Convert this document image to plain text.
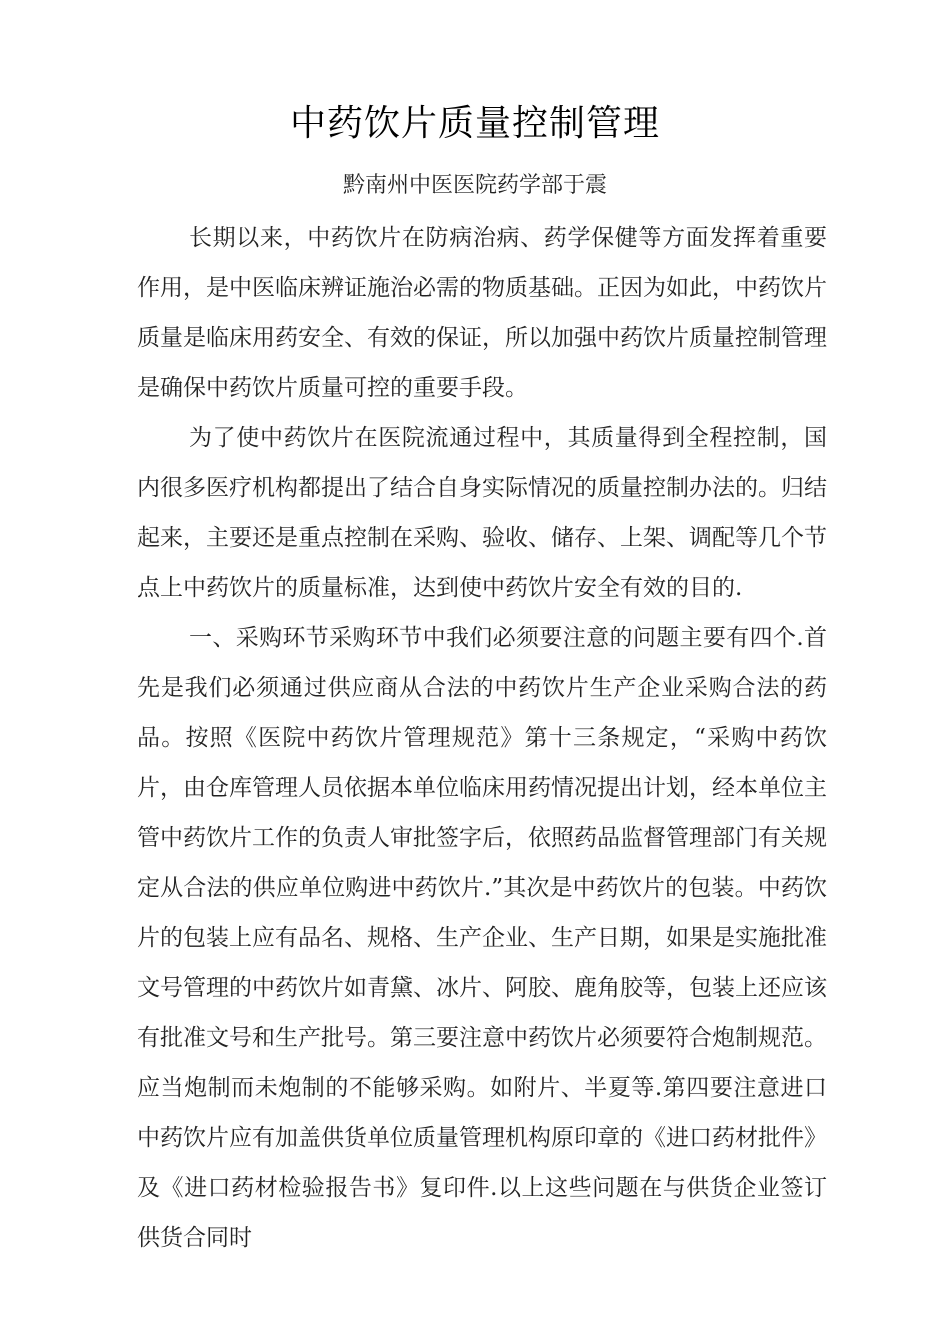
中药饮片质量控制管理

黔南州中医医院药学部于震

长期以来，中药饮片在防病治病、药学保健等方面发挥着重要作用，是中医临床辨证施治必需的物质基础。正因为如此，中药饮片质量是临床用药安全、有效的保证，所以加强中药饮片质量控制管理是确保中药饮片质量可控的重要手段。

为了使中药饮片在医院流通过程中，其质量得到全程控制，国内很多医疗机构都提出了结合自身实际情况的质量控制办法的。归结起来，主要还是重点控制在采购、验收、储存、上架、调配等几个节点上中药饮片的质量标准，达到使中药饮片安全有效的目的.

一、采购环节采购环节中我们必须要注意的问题主要有四个.首先是我们必须通过供应商从合法的中药饮片生产企业采购合法的药品。按照《医院中药饮片管理规范》第十三条规定，“采购中药饮片，由仓库管理人员依据本单位临床用药情况提出计划，经本单位主管中药饮片工作的负责人审批签字后，依照药品监督管理部门有关规定从合法的供应单位购进中药饮片.”其次是中药饮片的包装。中药饮片的包装上应有品名、规格、生产企业、生产日期，如果是实施批准文号管理的中药饮片如青黛、冰片、阿胶、鹿角胶等，包装上还应该有批准文号和生产批号。第三要注意中药饮片必须要符合炮制规范。应当炮制而未炮制的不能够采购。如附片、半夏等.第四要注意进口中药饮片应有加盖供货单位质量管理机构原印章的《进口药材批件》及《进口药材检验报告书》复印件.以上这些问题在与供货企业签订供货合同时
